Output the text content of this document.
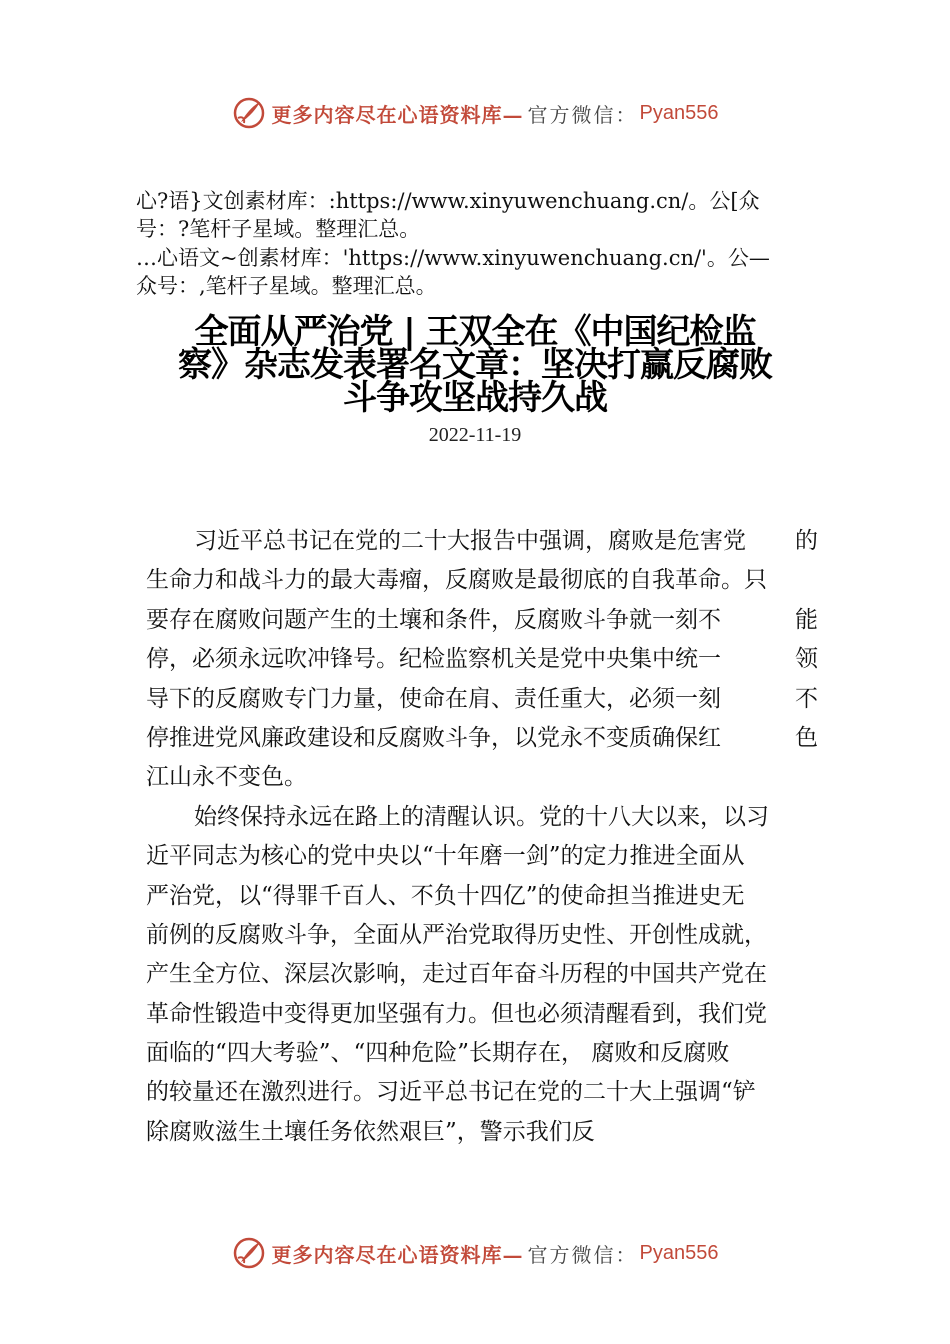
更多内容尽在心语资料库— 官方微信： Pyan556
心?语}文创素材库：:https://www.xinyuwenchuang.cn/。公[众
号：?笔杆子星域。整理汇总。
…心语文~创素材库：'https://www.xinyuwenchuang.cn/'。公—
众号：,笔杆子星域。整理汇总。
全面从严治党 | 王双全在《中国纪检监
察》杂志发表署名文章：坚决打赢反腐败
斗争攻坚战持久战
2022-11-19
习近平总书记在党的二十大报告中强调，腐败是危害党 的
生命力和战斗力的最大毒瘤，反腐败是最彻底的自我革命。只
要存在腐败问题产生的土壤和条件，反腐败斗争就一刻不	能
停，必须永远吹冲锋号。纪检监察机关是党中央集中统一	领
导下的反腐败专门力量，使命在肩、责任重大，必须一刻	不
停推进党风廉政建设和反腐败斗争，以党永不变质确保红	色
江山永不变色。
始终保持永远在路上的清醒认识。党的十八大以来，以习
近平同志为核心的党中央以“十年磨一剑”的定力推进全面从
严治党，以“得罪千百人、不负十四亿”的使命担当推进史无
前例的反腐败斗争，全面从严治党取得历史性、开创性成就，
产生全方位、深层次影响，走过百年奋斗历程的中国共产党在
革命性锻造中变得更加坚强有力。但也必须清醒看到，我们党
面临的“四大考验”、“四种危险”长期存在， 腐败和反腐败
的较量还在激烈进行。习近平总书记在党的二十大上强调“铲
除腐败滋生土壤任务依然艰巨”，警示我们反
更多内容尽在心语资料库— 官方微信： Pyan556
